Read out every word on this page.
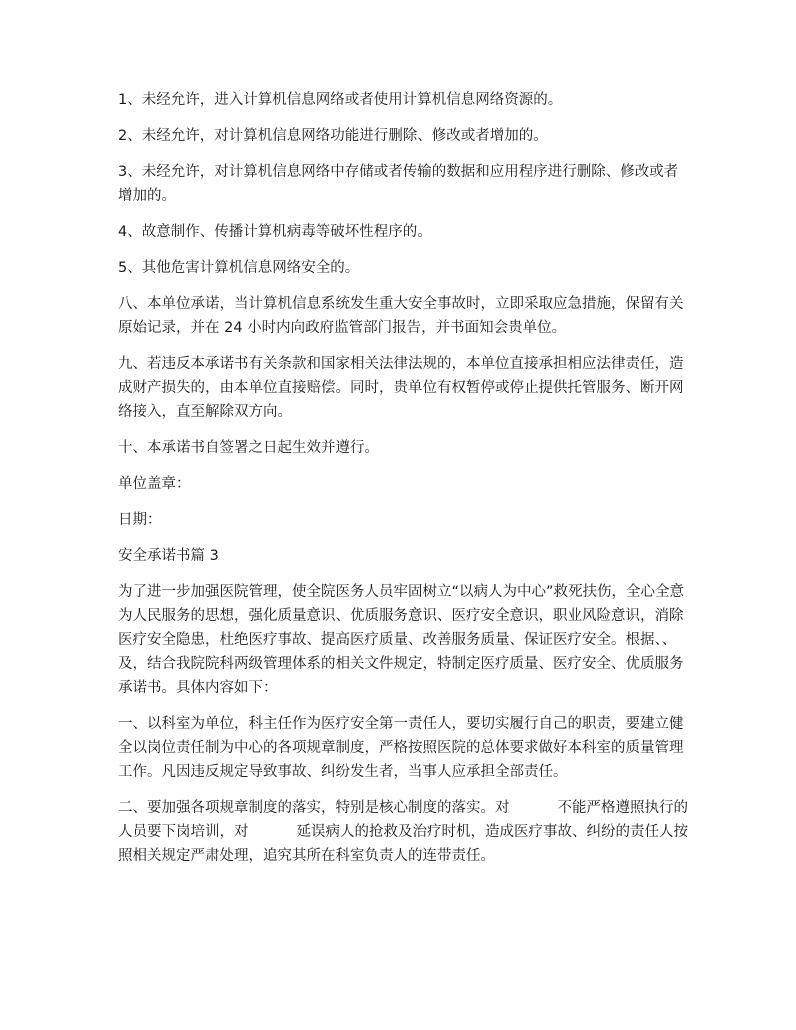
1、未经允许，进入计算机信息网络或者使用计算机信息网络资源的。

2、未经允许，对计算机信息网络功能进行删除、修改或者增加的。

3、未经允许，对计算机信息网络中存储或者传输的数据和应用程序进行删除、修改或者增加的。

4、故意制作、传播计算机病毒等破坏性程序的。

5、其他危害计算机信息网络安全的。

八、本单位承诺，当计算机信息系统发生重大安全事故时，立即采取应急措施，保留有关原始记录，并在 24 小时内向政府监管部门报告，并书面知会贵单位。

九、若违反本承诺书有关条款和国家相关法律法规的，本单位直接承担相应法律责任，造成财产损失的，由本单位直接赔偿。同时，贵单位有权暂停或停止提供托管服务、断开网络接入，直至解除双方向。

十、本承诺书自签署之日起生效并遵行。

单位盖章：

日期：

安全承诺书篇 3

为了进一步加强医院管理，使全院医务人员牢固树立“以病人为中心”救死扶伤，全心全意为人民服务的思想，强化质量意识、优质服务意识、医疗安全意识，职业风险意识，消除医疗安全隐患，杜绝医疗事故、提高医疗质量、改善服务质量、保证医疗安全。根据、、及，结合我院院科两级管理体系的相关文件规定，特制定医疗质量、医疗安全、优质服务承诺书。具体内容如下：

一、以科室为单位，科主任作为医疗安全第一责任人，要切实履行自己的职责，要建立健全以岗位责任制为中心的各项规章制度，严格按照医院的总体要求做好本科室的质量管理工作。凡因违反规定导致事故、纠纷发生者，当事人应承担全部责任。

二、要加强各项规章制度的落实，特别是核心制度的落实。对	不能严格遵照执行的人员要下岗培训，对	延误病人的抢救及治疗时机，造成医疗事故、纠纷的责任人按照相关规定严肃处理，追究其所在科室负责人的连带责任。
